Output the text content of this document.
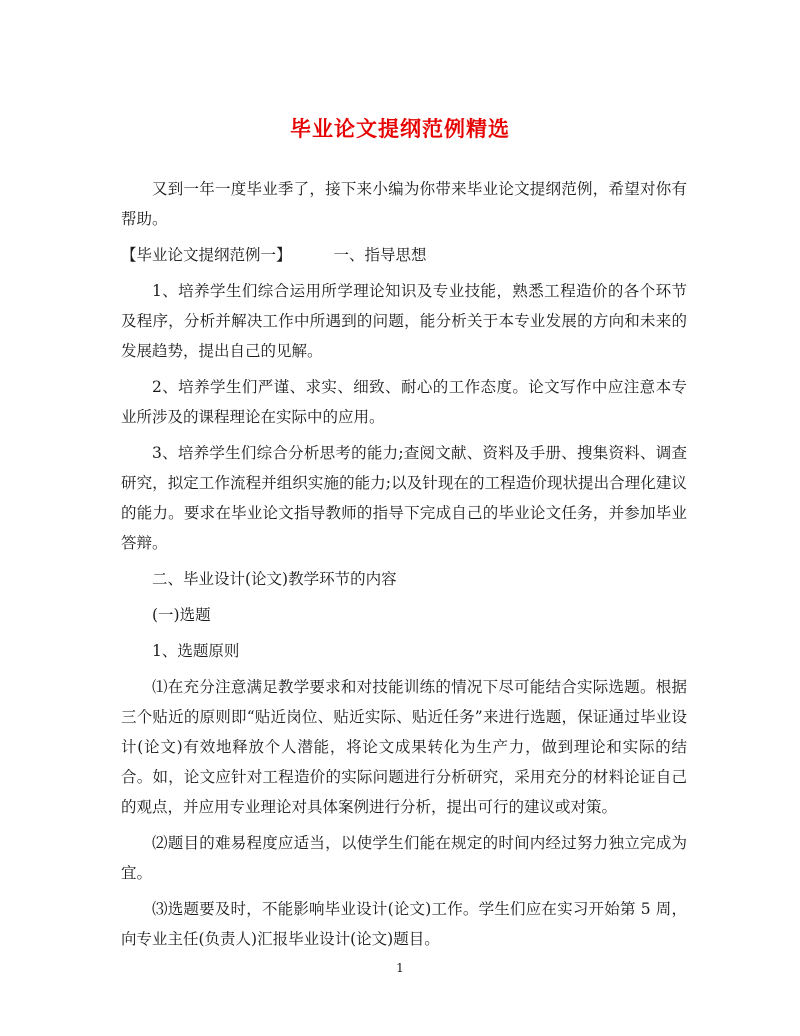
毕业论文提纲范例精选

又到一年一度毕业季了，接下来小编为你带来毕业论文提纲范例，希望对你有帮助。

【毕业论文提纲范例一】	一、指导思想

1、培养学生们综合运用所学理论知识及专业技能，熟悉工程造价的各个环节及程序，分析并解决工作中所遇到的问题，能分析关于本专业发展的方向和未来的发展趋势，提出自己的见解。

2、培养学生们严谨、求实、细致、耐心的工作态度。论文写作中应注意本专业所涉及的课程理论在实际中的应用。

3、培养学生们综合分析思考的能力;查阅文献、资料及手册、搜集资料、调查研究，拟定工作流程并组织实施的能力;以及针现在的工程造价现状提出合理化建议的能力。要求在毕业论文指导教师的指导下完成自己的毕业论文任务，并参加毕业答辩。

二、毕业设计(论文)教学环节的内容

(一)选题

1、选题原则

⑴在充分注意满足教学要求和对技能训练的情况下尽可能结合实际选题。根据三个贴近的原则即“贴近岗位、贴近实际、贴近任务”来进行选题，保证通过毕业设计(论文)有效地释放个人潜能，将论文成果转化为生产力，做到理论和实际的结合。如，论文应针对工程造价的实际问题进行分析研究，采用充分的材料论证自己的观点，并应用专业理论对具体案例进行分析，提出可行的建议或对策。

⑵题目的难易程度应适当，以使学生们能在规定的时间内经过努力独立完成为宜。

⑶选题要及时，不能影响毕业设计(论文)工作。学生们应在实习开始第 5 周，向专业主任(负责人)汇报毕业设计(论文)题目。

1
